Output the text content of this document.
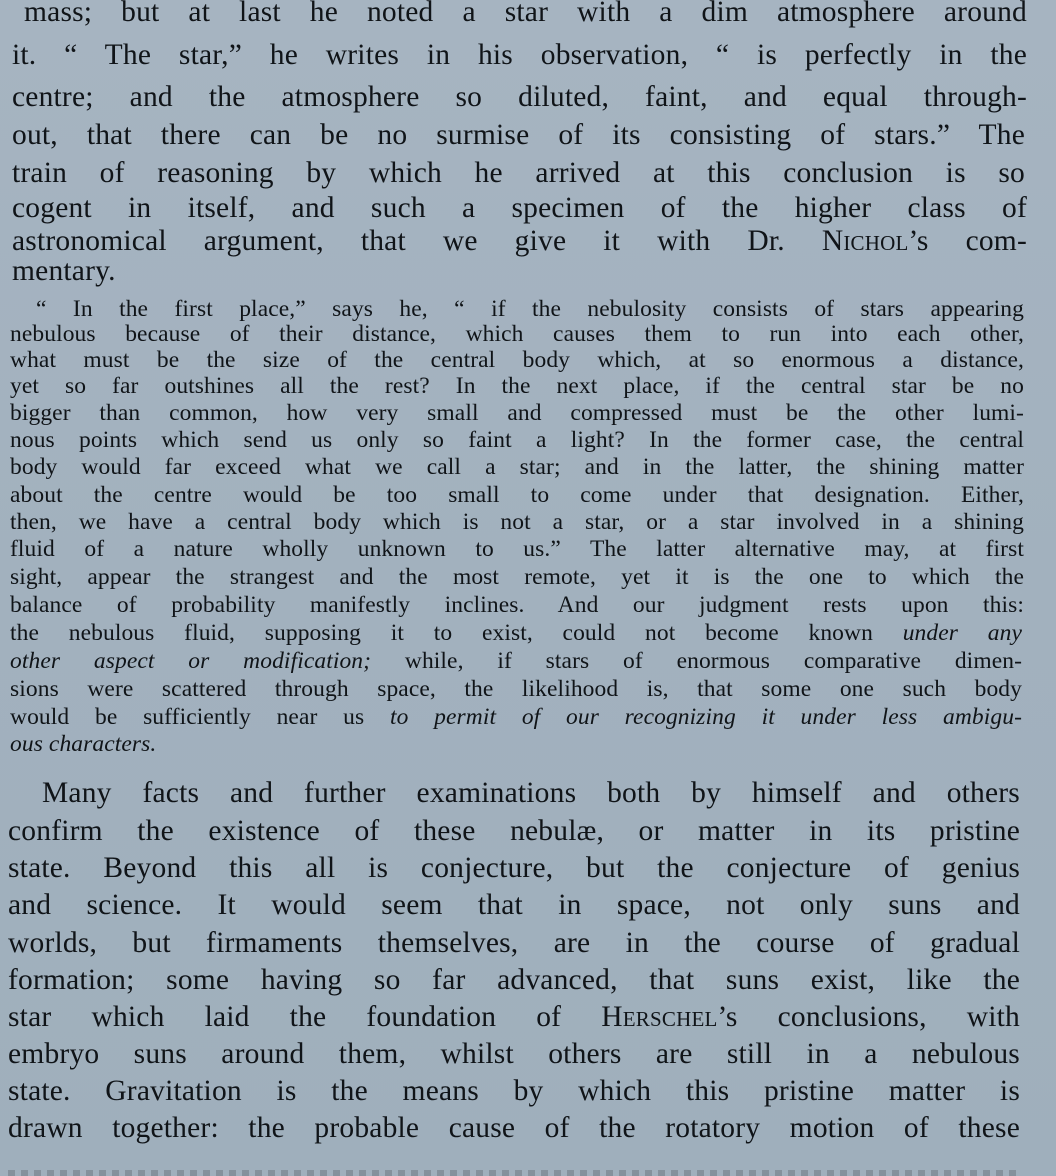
mass; but at last he noted a star with a dim atmosphere around
it. “ The star,” he writes in his observation, “ is perfectly in the
centre; and the atmosphere so diluted, faint, and equal through-
out, that there can be no surmise of its consisting of stars.” The
train of reasoning by which he arrived at this conclusion is so
cogent in itself, and such a specimen of the higher class of
astronomical argument, that we give it with Dr. Nichol’s com-
mentary.
“ In the first place,” says he, “ if the nebulosity consists of stars appearing
nebulous because of their distance, which causes them to run into each other,
what must be the size of the central body which, at so enormous a distance,
yet so far outshines all the rest? In the next place, if the central star be no
bigger than common, how very small and compressed must be the other lumi-
nous points which send us only so faint a light? In the former case, the central
body would far exceed what we call a star; and in the latter, the shining matter
about the centre would be too small to come under that designation. Either,
then, we have a central body which is not a star, or a star involved in a shining
fluid of a nature wholly unknown to us.” The latter alternative may, at first
sight, appear the strangest and the most remote, yet it is the one to which the
balance of probability manifestly inclines. And our judgment rests upon this:
the nebulous fluid, supposing it to exist, could not become known under any
other aspect or modification; while, if stars of enormous comparative dimen-
sions were scattered through space, the likelihood is, that some one such body
would be sufficiently near us to permit of our recognizing it under less ambigu-
ous characters.
Many facts and further examinations both by himself and others
confirm the existence of these nebulæ, or matter in its pristine
state. Beyond this all is conjecture, but the conjecture of genius
and science. It would seem that in space, not only suns and
worlds, but firmaments themselves, are in the course of gradual
formation; some having so far advanced, that suns exist, like the
star which laid the foundation of Herschel’s conclusions, with
embryo suns around them, whilst others are still in a nebulous
state. Gravitation is the means by which this pristine matter is
drawn together: the probable cause of the rotatory motion of these
